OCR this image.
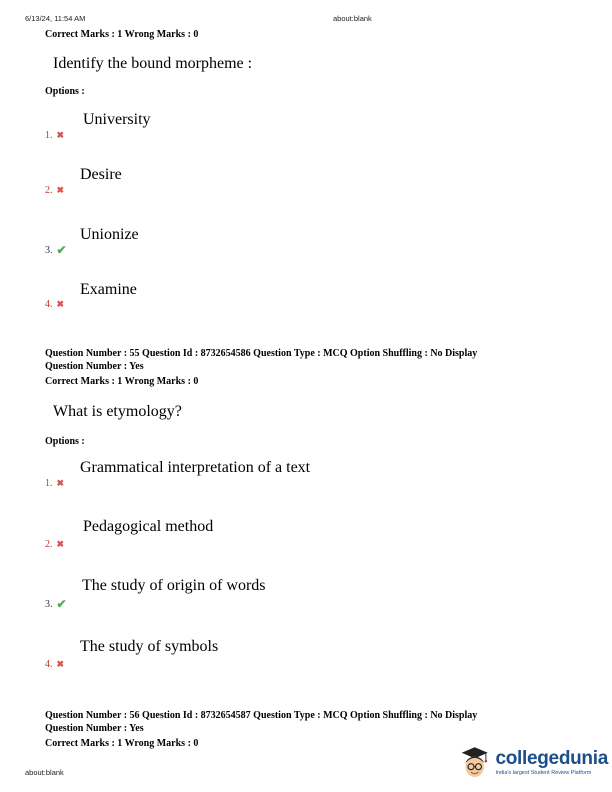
6/13/24, 11:54 AM	about:blank
Correct Marks : 1 Wrong Marks : 0
Identify the bound morpheme :
Options :
University
1. ✖
Desire
2. ✖
Unionize
3. ✔
Examine
4. ✖
Question Number : 55 Question Id : 8732654586 Question Type : MCQ Option Shuffling : No Display
Question Number : Yes
Correct Marks : 1 Wrong Marks : 0
What is etymology?
Options :
Grammatical interpretation of a text
1. ✖
Pedagogical method
2. ✖
The study of origin of words
3. ✔
The study of symbols
4. ✖
Question Number : 56 Question Id : 8732654587 Question Type : MCQ Option Shuffling : No Display
Question Number : Yes
Correct Marks : 1 Wrong Marks : 0
about:blank
collegedunia
India's largest Student Review Platform
